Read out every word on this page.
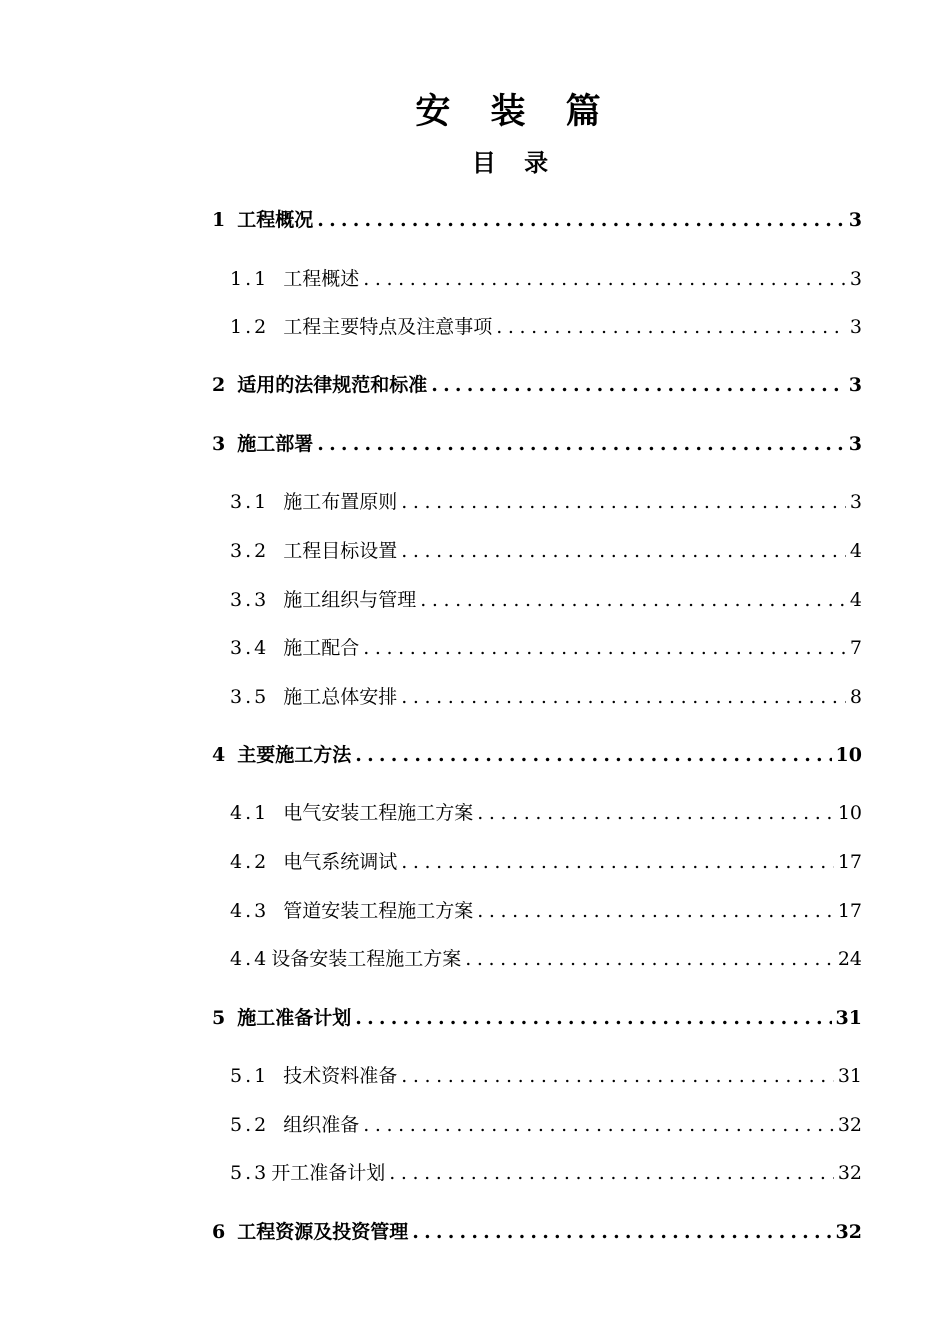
安 装 篇
目 录
1 工程概况 .....	3
1.1 工程概述 .....	3
1.2 工程主要特点及注意事项 .....	3
2 适用的法律规范和标准 .....	3
3 施工部署 .....	3
3.1 施工布置原则 .....	3
3.2 工程目标设置 .....	4
3.3 施工组织与管理 .....	4
3.4 施工配合 .....	7
3.5 施工总体安排 .....	8
4 主要施工方法 .....	10
4.1 电气安装工程施工方案 .....	10
4.2 电气系统调试 .....	17
4.3 管道安装工程施工方案 .....	17
4.4 设备安装工程施工方案 .....	24
5 施工准备计划 .....	31
5.1 技术资料准备 .....	31
5.2 组织准备 .....	32
5.3 开工准备计划 .....	32
6 工程资源及投资管理 .....	32
